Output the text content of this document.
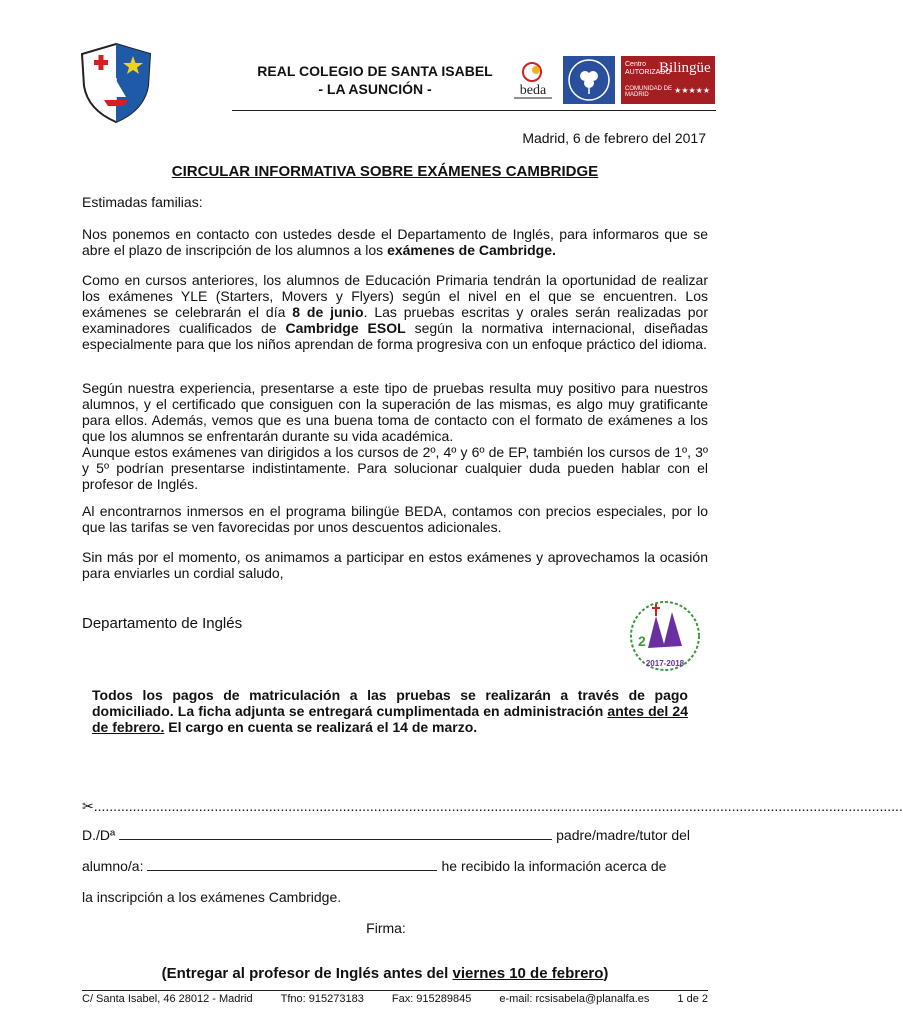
REAL COLEGIO DE SANTA ISABEL
- LA ASUNCIÓN -	beda
Centro AUTORIZADO
Bilingüe
COMUNIDAD DE MADRID	★★★★★
Madrid, 6 de febrero del 2017
CIRCULAR INFORMATIVA SOBRE EXÁMENES CAMBRIDGE
Estimadas familias:
Nos ponemos en contacto con ustedes desde el Departamento de Inglés, para informaros que se abre el plazo de inscripción de los alumnos a los exámenes de Cambridge.
Como en cursos anteriores, los alumnos de Educación Primaria tendrán la oportunidad de realizar los exámenes YLE (Starters, Movers y Flyers) según el nivel en el que se encuentren. Los exámenes se celebrarán el día 8 de junio. Las pruebas escritas y orales serán realizadas por examinadores cualificados de Cambridge ESOL según la normativa internacional, diseñadas especialmente para que los niños aprendan de forma progresiva con un enfoque práctico del idioma.
Según nuestra experiencia, presentarse a este tipo de pruebas resulta muy positivo para nuestros alumnos, y el certificado que consiguen con la superación de las mismas, es algo muy gratificante para ellos. Además, vemos que es una buena toma de contacto con el formato de exámenes a los que los alumnos se enfrentarán durante su vida académica.
Aunque estos exámenes van dirigidos a los cursos de 2º, 4º y 6º de EP, también los cursos de 1º, 3º y 5º podrían presentarse indistintamente. Para solucionar cualquier duda pueden hablar con el profesor de Inglés.
Al encontrarnos inmersos en el programa bilingüe BEDA, contamos con precios especiales, por lo que las tarifas se ven favorecidas por unos descuentos adicionales.
Sin más por el momento, os animamos a participar en estos exámenes y aprovechamos la ocasión para enviarles un cordial saludo,
Departamento de Inglés
2
2017-2018
Todos los pagos de matriculación a las pruebas se realizarán a través de pago domiciliado. La ficha adjunta se entregará cumplimentada en administración antes del 24 de febrero. El cargo en cuenta se realizará el 14 de marzo.
✂................................................................................................................................................................................................................
D./Dª	padre/madre/tutor del
alumno/a:	he recibido la información acerca de
la inscripción a los exámenes Cambridge.
Firma:
(Entregar al profesor de Inglés antes del viernes 10 de febrero)
C/ Santa Isabel, 46 28012 - Madrid	Tfno: 915273183	Fax: 915289845	e-mail: rcsisabela@planalfa.es	1 de 2
